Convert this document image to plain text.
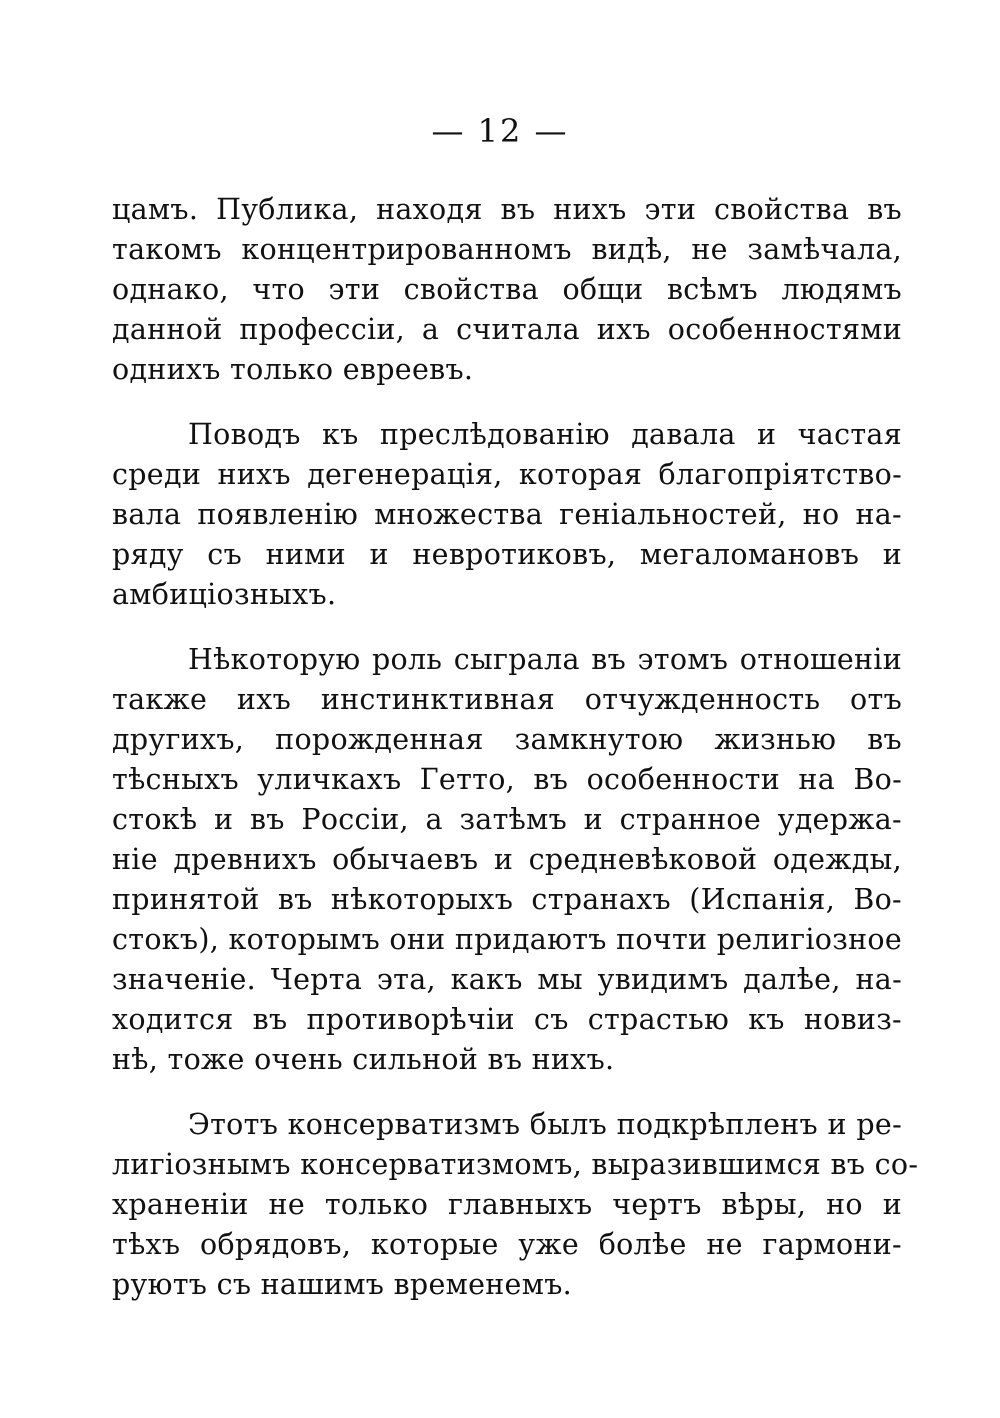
— 12 —

цамъ. Публика, находя въ нихъ эти свойства въ
такомъ концентрированномъ видѣ, не замѣчала,
однако, что эти свойства общи всѣмъ людямъ
данной профессіи, а считала ихъ особенностями
однихъ только евреевъ.
Поводъ къ преслѣдованію давала и частая
среди нихъ дегенерація, которая благопріятство-
вала появленію множества геніальностей, но на-
ряду съ ними и невротиковъ, мегаломановъ и
амбиціозныхъ.
Нѣкоторую роль сыграла въ этомъ отношеніи
также ихъ инстинктивная отчужденность отъ
другихъ, порожденная замкнутою жизнью въ
тѣсныхъ уличкахъ Гетто, въ особенности на Во-
стокѣ и въ Россіи, а затѣмъ и странное удержа-
ніе древнихъ обычаевъ и средневѣковой одежды,
принятой въ нѣкоторыхъ странахъ (Испанія, Во-
стокъ), которымъ они придаютъ почти религіозное
значеніе. Черта эта, какъ мы увидимъ далѣе, на-
ходится въ противорѣчіи съ страстью къ новиз-
нѣ, тоже очень сильной въ нихъ.
Этотъ консерватизмъ былъ подкрѣпленъ и ре-
лигіознымъ консерватизмомъ, выразившимся въ со-
храненіи не только главныхъ чертъ вѣры, но и
тѣхъ обрядовъ, которые уже болѣе не гармони-
руютъ съ нашимъ временемъ.
